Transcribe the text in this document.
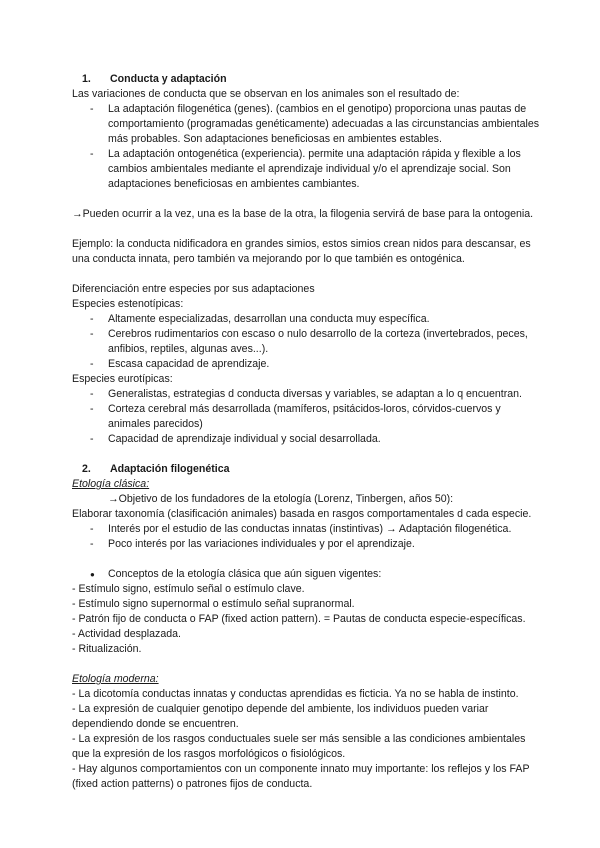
1. Conducta y adaptación

Las variaciones de conducta que se observan en los animales son el resultado de:

- La adaptación filogenética (genes). (cambios en el genotipo) proporciona unas pautas de comportamiento (programadas genéticamente) adecuadas a las circunstancias ambientales más probables. Son adaptaciones beneficiosas en ambientes estables.
- La adaptación ontogenética (experiencia). permite una adaptación rápida y flexible a los cambios ambientales mediante el aprendizaje individual y/o el aprendizaje social. Son adaptaciones beneficiosas en ambientes cambiantes.

→Pueden ocurrir a la vez, una es la base de la otra, la filogenia servirá de base para la ontogenia.

Ejemplo: la conducta nidificadora en grandes simios, estos simios crean nidos para descansar, es una conducta innata, pero también va mejorando por lo que también es ontogénica.

Diferenciación entre especies por sus adaptaciones

Especies estenotípicas:

- Altamente especializadas, desarrollan una conducta muy específica.
- Cerebros rudimentarios con escaso o nulo desarrollo de la corteza (invertebrados, peces, anfibios, reptiles, algunas aves...).
- Escasa capacidad de aprendizaje.

Especies eurotípicas:

- Generalistas, estrategias d conducta diversas y variables, se adaptan a lo q encuentran.
- Corteza cerebral más desarrollada (mamíferos, psitácidos-loros, córvidos-cuervos y animales parecidos)
- Capacidad de aprendizaje individual y social desarrollada.

2. Adaptación filogenética

Etología clásica:

→Objetivo de los fundadores de la etología (Lorenz, Tinbergen, años 50):

Elaborar taxonomía (clasificación animales) basada en rasgos comportamentales d cada especie.

- Interés por el estudio de las conductas innatas (instintivas) → Adaptación filogenética.
- Poco interés por las variaciones individuales y por el aprendizaje.
● Conceptos de la etología clásica que aún siguen vigentes:

- Estímulo signo, estímulo señal o estímulo clave.

- Estímulo signo supernormal o estímulo señal supranormal.

- Patrón fijo de conducta o FAP (fixed action pattern). = Pautas de conducta especie-específicas.

- Actividad desplazada.

- Ritualización.

Etología moderna:

- La dicotomía conductas innatas y conductas aprendidas es ficticia. Ya no se habla de instinto.

- La expresión de cualquier genotipo depende del ambiente, los individuos pueden variar dependiendo donde se encuentren.

- La expresión de los rasgos conductuales suele ser más sensible a las condiciones ambientales que la expresión de los rasgos morfológicos o fisiológicos.

- Hay algunos comportamientos con un componente innato muy importante: los reflejos y los FAP (fixed action patterns) o patrones fijos de conducta.
